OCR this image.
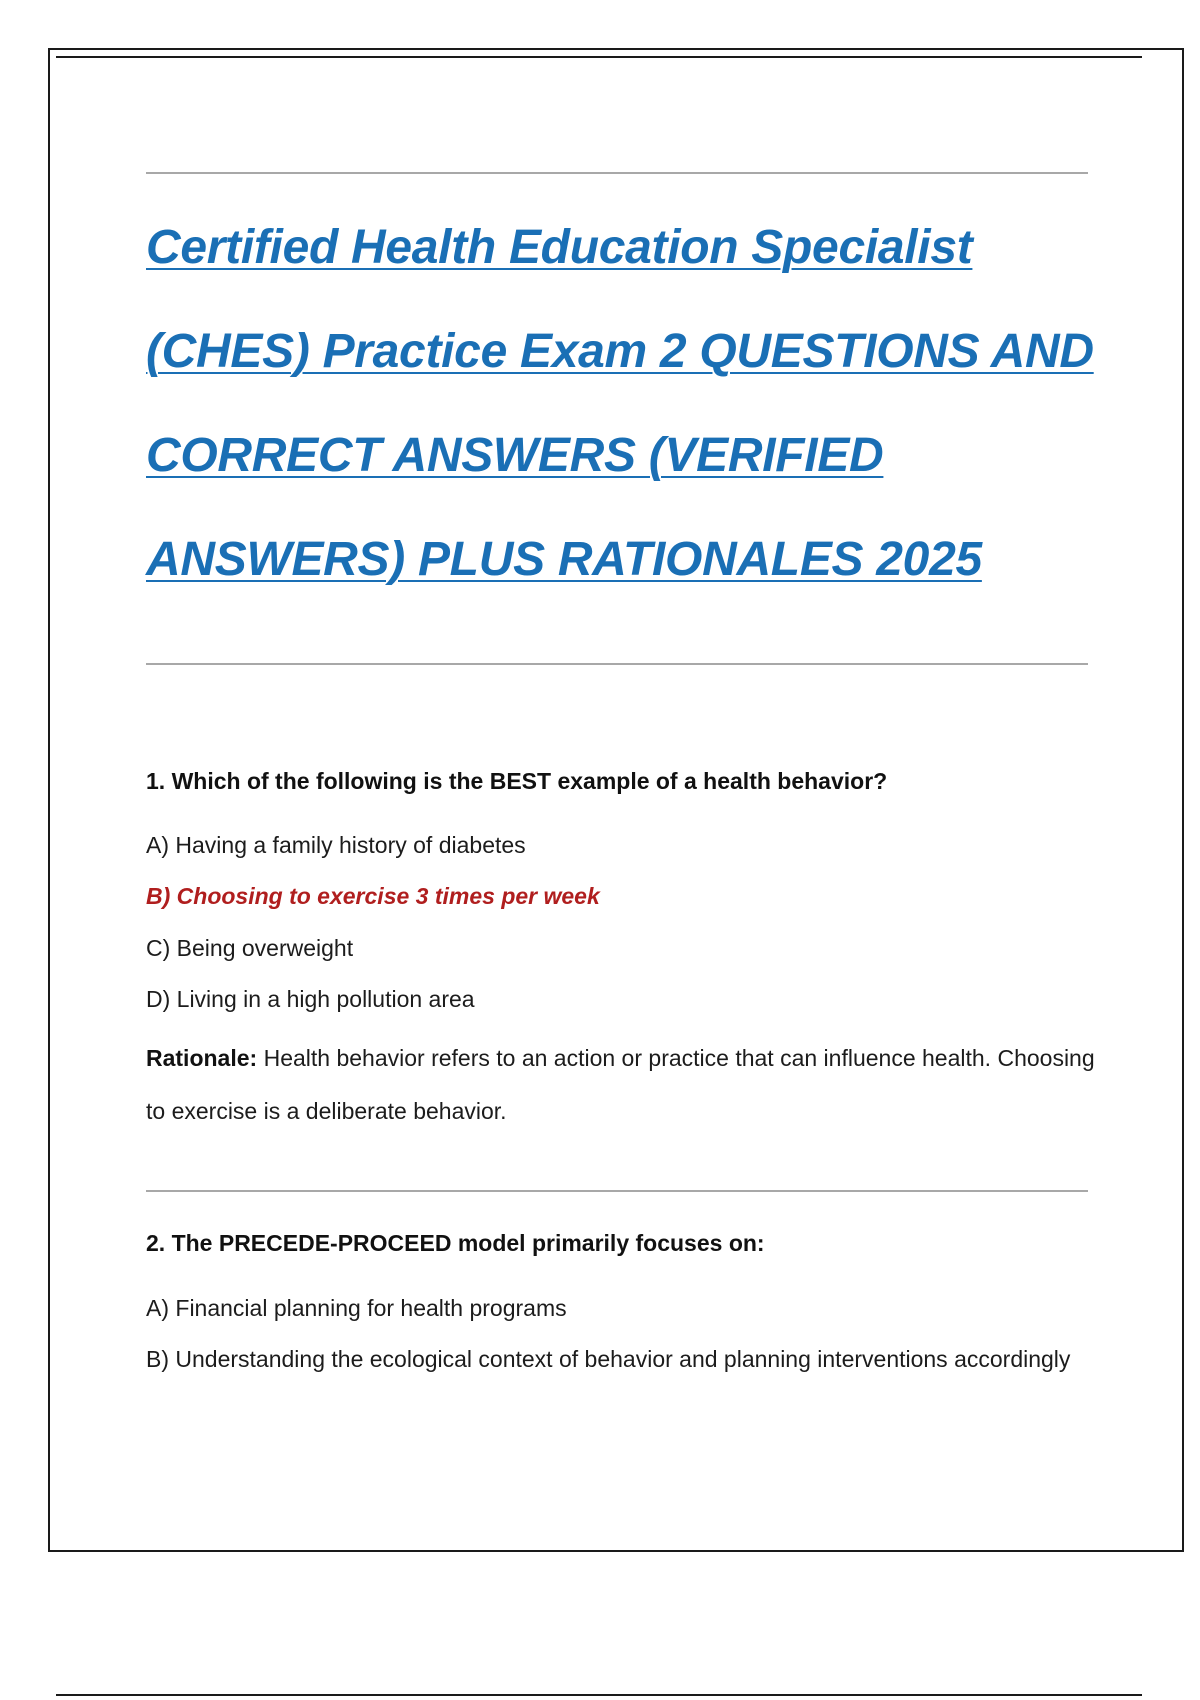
Certified Health Education Specialist
(CHES) Practice Exam 2 QUESTIONS AND
CORRECT ANSWERS (VERIFIED
ANSWERS) PLUS RATIONALES 2025

1. Which of the following is the BEST example of a health behavior?

A) Having a family history of diabetes

B) Choosing to exercise 3 times per week

C) Being overweight

D) Living in a high pollution area

Rationale: Health behavior refers to an action or practice that can influence health. Choosing to exercise is a deliberate behavior.

2. The PRECEDE-PROCEED model primarily focuses on:

A) Financial planning for health programs

B) Understanding the ecological context of behavior and planning interventions accordingly
